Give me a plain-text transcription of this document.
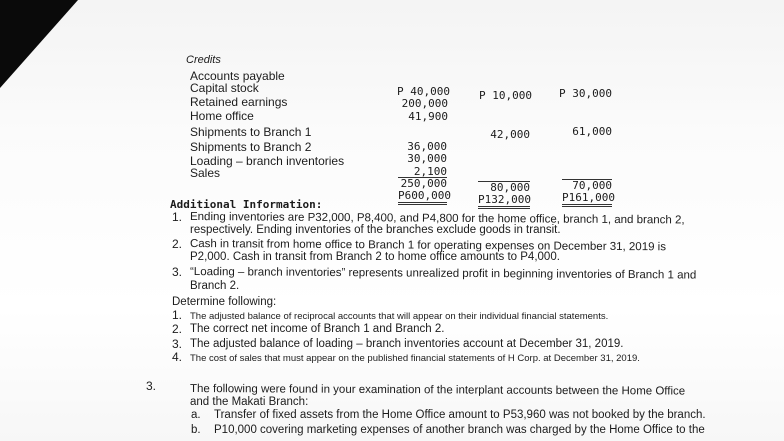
Credits
Accounts payable
Capital stock
Retained earnings
Home office
Shipments to Branch 1
Shipments to Branch 2
Loading – branch inventories
Sales
P 40,000
200,000
41,900
36,000
30,000
2,100
250,000
P600,000
P 10,000
42,000
80,000
P132,000
P 30,000
61,000
70,000
P161,000
Additional Information:
1. Ending inventories are P32,000, P8,400, and P4,800 for the home office, branch 1, and branch 2,
respectively. Ending inventories of the branches exclude goods in transit.
2. Cash in transit from home office to Branch 1 for operating expenses on December 31, 2019 is
P2,000. Cash in transit from Branch 2 to home office amounts to P4,000.
3. “Loading – branch inventories” represents unrealized profit in beginning inventories of Branch 1 and
Branch 2.
Determine following:
1. The adjusted balance of reciprocal accounts that will appear on their individual financial statements.
2. The correct net income of Branch 1 and Branch 2.
3. The adjusted balance of loading – branch inventories account at December 31, 2019.
4. The cost of sales that must appear on the published financial statements of H Corp. at December 31, 2019.
3.	The following were found in your examination of the interplant accounts between the Home Office
and the Makati Branch:
a. Transfer of fixed assets from the Home Office amount to P53,960 was not booked by the branch.
b. P10,000 covering marketing expenses of another branch was charged by the Home Office to the
